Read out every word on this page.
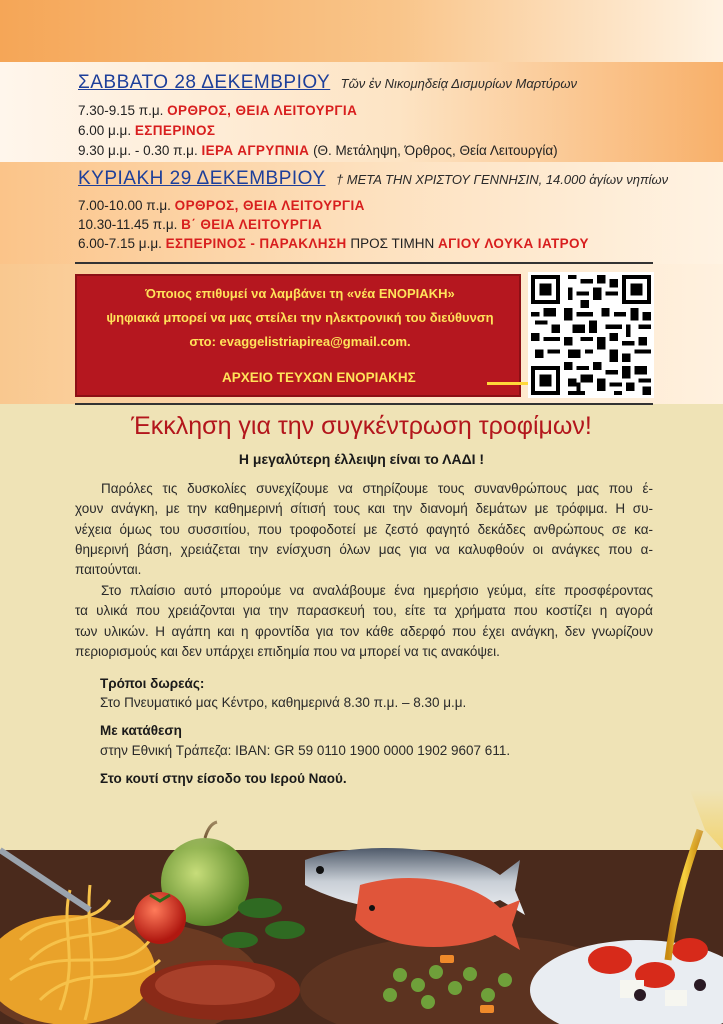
ΣΑΒΒΑΤΟ 28 ΔΕΚΕΜΒΡΙΟΥ Τῶν ἐν Νικομηδείᾳ Δισμυρίων Μαρτύρων
7.30-9.15 π.μ. ΟΡΘΡΟΣ, ΘΕΙΑ ΛΕΙΤΟΥΡΓΙΑ
6.00 μ.μ. ΕΣΠΕΡΙΝΟΣ
9.30 μ.μ. - 0.30 π.μ. ΙΕΡΑ ΑΓΡΥΠΝΙΑ (Θ. Μετάληψη, Όρθρος, Θεία Λειτουργία)
ΚΥΡΙΑΚΗ 29 ΔΕΚΕΜΒΡΙΟΥ † ΜΕΤΑ ΤΗΝ ΧΡΙΣΤΟΥ ΓΕΝΝΗΣΙΝ, 14.000 ἁγίων νηπίων
7.00-10.00 π.μ. ΟΡΘΡΟΣ, ΘΕΙΑ ΛΕΙΤΟΥΡΓΙΑ
10.30-11.45 π.μ. Β΄ ΘΕΙΑ ΛΕΙΤΟΥΡΓΙΑ
6.00-7.15 μ.μ. ΕΣΠΕΡΙΝΟΣ - ΠΑΡΑΚΛΗΣΗ ΠΡΟΣ ΤΙΜΗΝ ΑΓΙΟΥ ΛΟΥΚΑ ΙΑΤΡΟΥ
Όποιος επιθυμεί να λαμβάνει τη «νέα ΕΝΟΡΙΑΚΗ»
ψηφιακά μπορεί να μας στείλει την ηλεκτρονική του διεύθυνση
στο: evaggelistriapirea@gmail.com.
ΑΡΧΕΙΟ ΤΕΥΧΩΝ ΕΝΟΡΙΑΚΗΣ
Έκκληση για την συγκέντρωση τροφίμων!
Η μεγαλύτερη έλλειψη είναι το ΛΑΔΙ !
Παρόλες τις δυσκολίες συνεχίζουμε να στηρίζουμε τους συνανθρώπους μας που έ-
χουν ανάγκη, με την καθημερινή σίτισή τους και την διανομή δεμάτων με τρόφιμα. Η συ-
νέχεια όμως του συσσιτίου, που τροφοδοτεί με ζεστό φαγητό δεκάδες ανθρώπους σε κα-
θημερινή βάση, χρειάζεται την ενίσχυση όλων μας για να καλυφθούν οι ανάγκες που α-
παιτούνται.
Στο πλαίσιο αυτό μπορούμε να αναλάβουμε ένα ημερήσιο γεύμα, είτε προσφέροντας
τα υλικά που χρειάζονται για την παρασκευή του, είτε τα χρήματα που κοστίζει η αγορά
των υλικών. Η αγάπη και η φροντίδα για τον κάθε αδερφό που έχει ανάγκη, δεν γνωρίζουν
περιορισμούς και δεν υπάρχει επιδημία που να μπορεί να τις ανακόψει.
Τρόποι δωρεάς:
Στο Πνευματικό μας Κέντρο, καθημερινά 8.30 π.μ. – 8.30 μ.μ.
Με κατάθεση
στην Εθνική Τράπεζα: IBAN: GR 59 0110 1900 0000 1902 9607 611.
Στο κουτί στην είσοδο του Ιερού Ναού.
